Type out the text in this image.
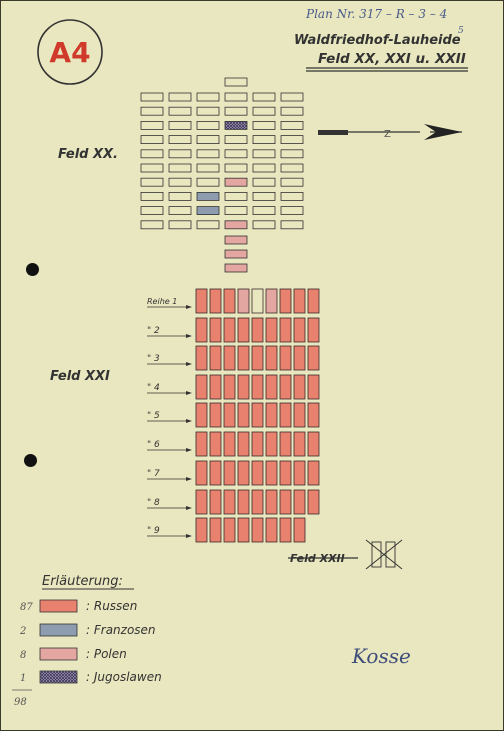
A4
Plan Nr. 317 – R – 3 – 4
5
Waldfriedhof-Lauheide
Feld XX, XXI u. XXII
Z
Feld XX.
Feld XXI
Feld XXII
Reihe 1
" 2
" 3
" 4
" 5
" 6
" 7
" 8
" 9
Erläuterung:
87	: Russen
2	: Franzosen
8	: Polen
1	: Jugoslawen
98
Kosse
